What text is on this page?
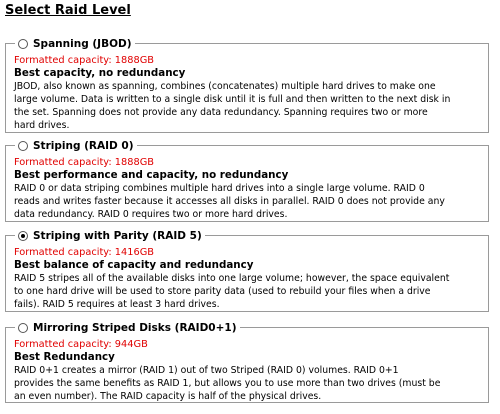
Select Raid Level
Spanning (JBOD)
Formatted capacity: 1888GB
Best capacity, no redundancy
JBOD, also known as spanning, combines (concatenates) multiple hard drives to make one
large volume. Data is written to a single disk until it is full and then written to the next disk in
the set. Spanning does not provide any data redundancy. Spanning requires two or more
hard drives.
Striping (RAID 0)
Formatted capacity: 1888GB
Best performance and capacity, no redundancy
RAID 0 or data striping combines multiple hard drives into a single large volume. RAID 0
reads and writes faster because it accesses all disks in parallel. RAID 0 does not provide any
data redundancy. RAID 0 requires two or more hard drives.
Striping with Parity (RAID 5)
Formatted capacity: 1416GB
Best balance of capacity and redundancy
RAID 5 stripes all of the available disks into one large volume; however, the space equivalent
to one hard drive will be used to store parity data (used to rebuild your files when a drive
fails). RAID 5 requires at least 3 hard drives.
Mirroring Striped Disks (RAID0+1)
Formatted capacity: 944GB
Best Redundancy
RAID 0+1 creates a mirror (RAID 1) out of two Striped (RAID 0) volumes. RAID 0+1
provides the same benefits as RAID 1, but allows you to use more than two drives (must be
an even number). The RAID capacity is half of the physical drives.
